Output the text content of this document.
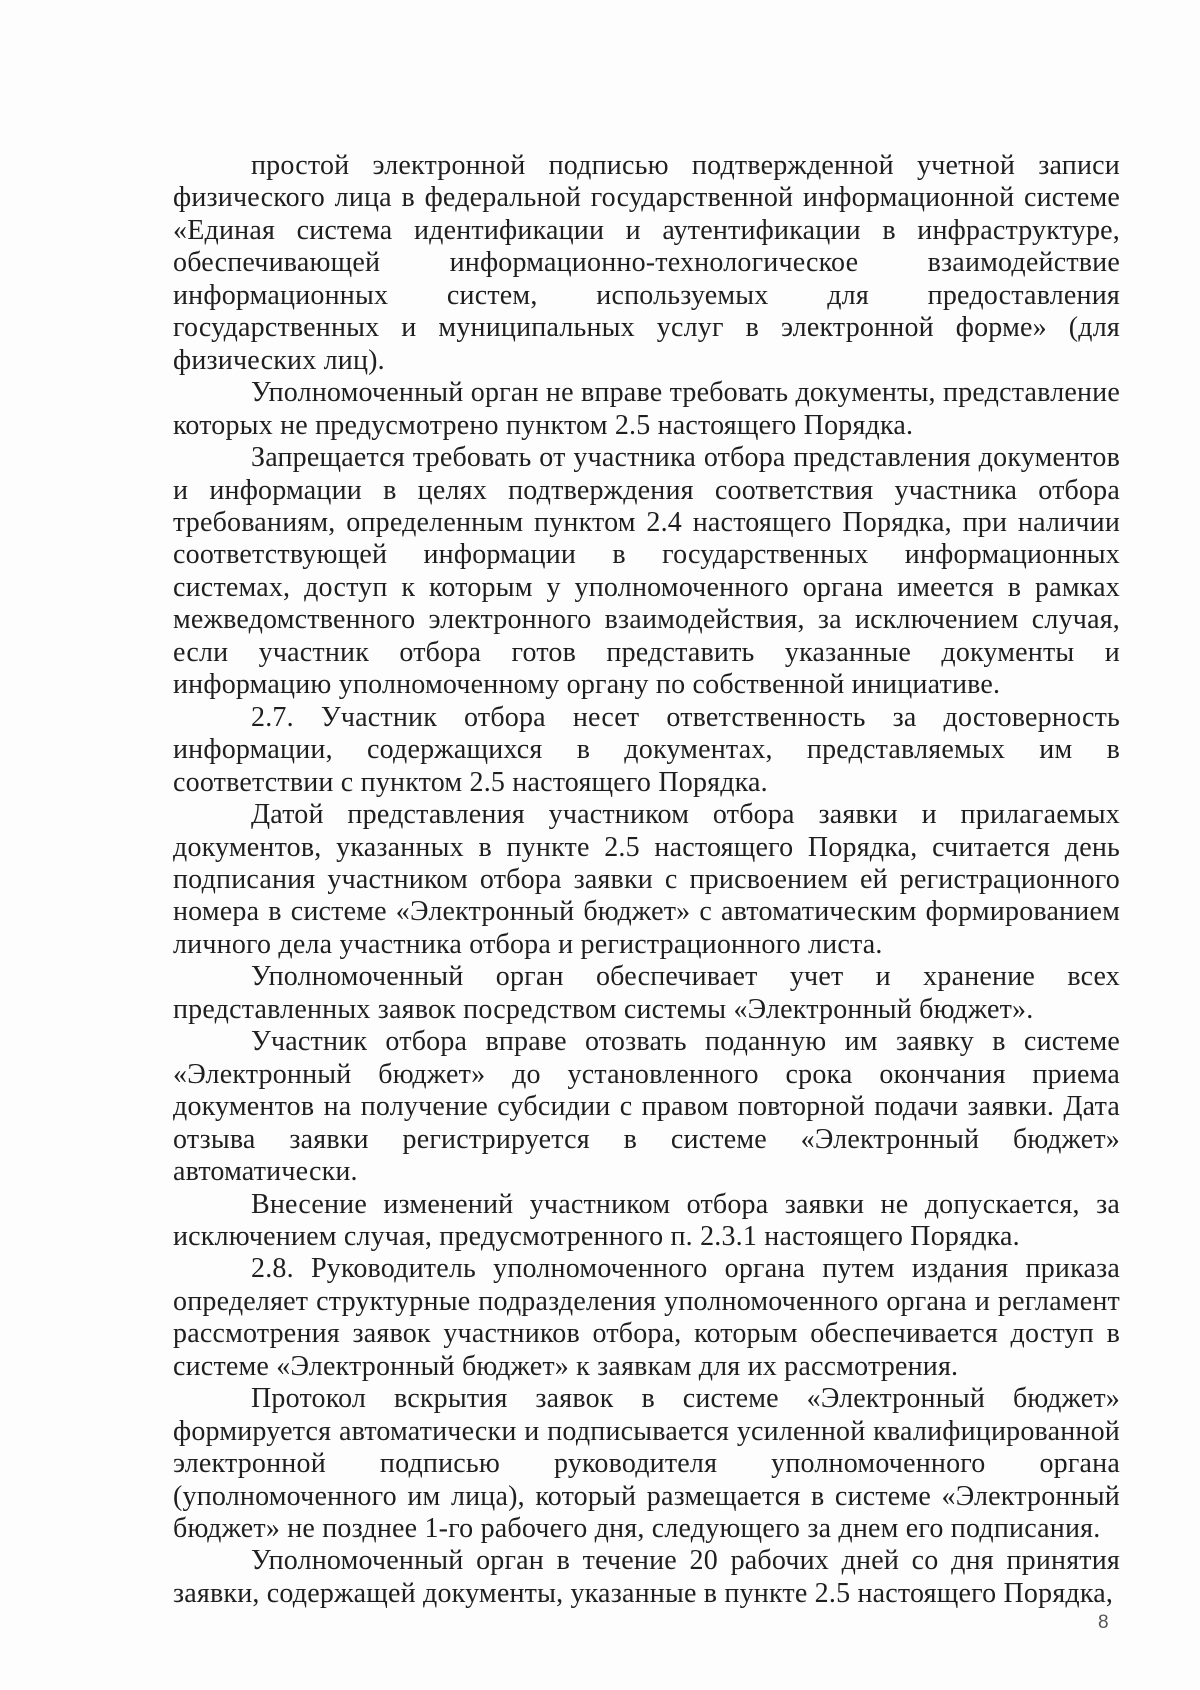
простой электронной подписью подтвержденной учетной записи физического лица в федеральной государственной информационной системе «Единая система идентификации и аутентификации в инфраструктуре, обеспечивающей информационно-технологическое взаимодействие информационных систем, используемых для предоставления государственных и муниципальных услуг в электронной форме» (для физических лиц).

Уполномоченный орган не вправе требовать документы, представление которых не предусмотрено пунктом 2.5 настоящего Порядка.

Запрещается требовать от участника отбора представления документов и информации в целях подтверждения соответствия участника отбора требованиям, определенным пунктом 2.4 настоящего Порядка, при наличии соответствующей информации в государственных информационных системах, доступ к которым у уполномоченного органа имеется в рамках межведомственного электронного взаимодействия, за исключением случая, если участник отбора готов представить указанные документы и информацию уполномоченному органу по собственной инициативе.

2.7. Участник отбора несет ответственность за достоверность информации, содержащихся в документах, представляемых им в соответствии с пунктом 2.5 настоящего Порядка.

Датой представления участником отбора заявки и прилагаемых документов, указанных в пункте 2.5 настоящего Порядка, считается день подписания участником отбора заявки с присвоением ей регистрационного номера в системе «Электронный бюджет» с автоматическим формированием личного дела участника отбора и регистрационного листа.

Уполномоченный орган обеспечивает учет и хранение всех представленных заявок посредством системы «Электронный бюджет».

Участник отбора вправе отозвать поданную им заявку в системе «Электронный бюджет» до установленного срока окончания приема документов на получение субсидии с правом повторной подачи заявки. Дата отзыва заявки регистрируется в системе «Электронный бюджет» автоматически.

Внесение изменений участником отбора заявки не допускается, за исключением случая, предусмотренного п. 2.3.1 настоящего Порядка.

2.8. Руководитель уполномоченного органа путем издания приказа определяет структурные подразделения уполномоченного органа и регламент рассмотрения заявок участников отбора, которым обеспечивается доступ в системе «Электронный бюджет» к заявкам для их рассмотрения.

Протокол вскрытия заявок в системе «Электронный бюджет» формируется автоматически и подписывается усиленной квалифицированной электронной подписью руководителя уполномоченного органа (уполномоченного им лица), который размещается в системе «Электронный бюджет» не позднее 1-го рабочего дня, следующего за днем его подписания.

Уполномоченный орган в течение 20 рабочих дней со дня принятия заявки, содержащей документы, указанные в пункте 2.5 настоящего Порядка,

8
